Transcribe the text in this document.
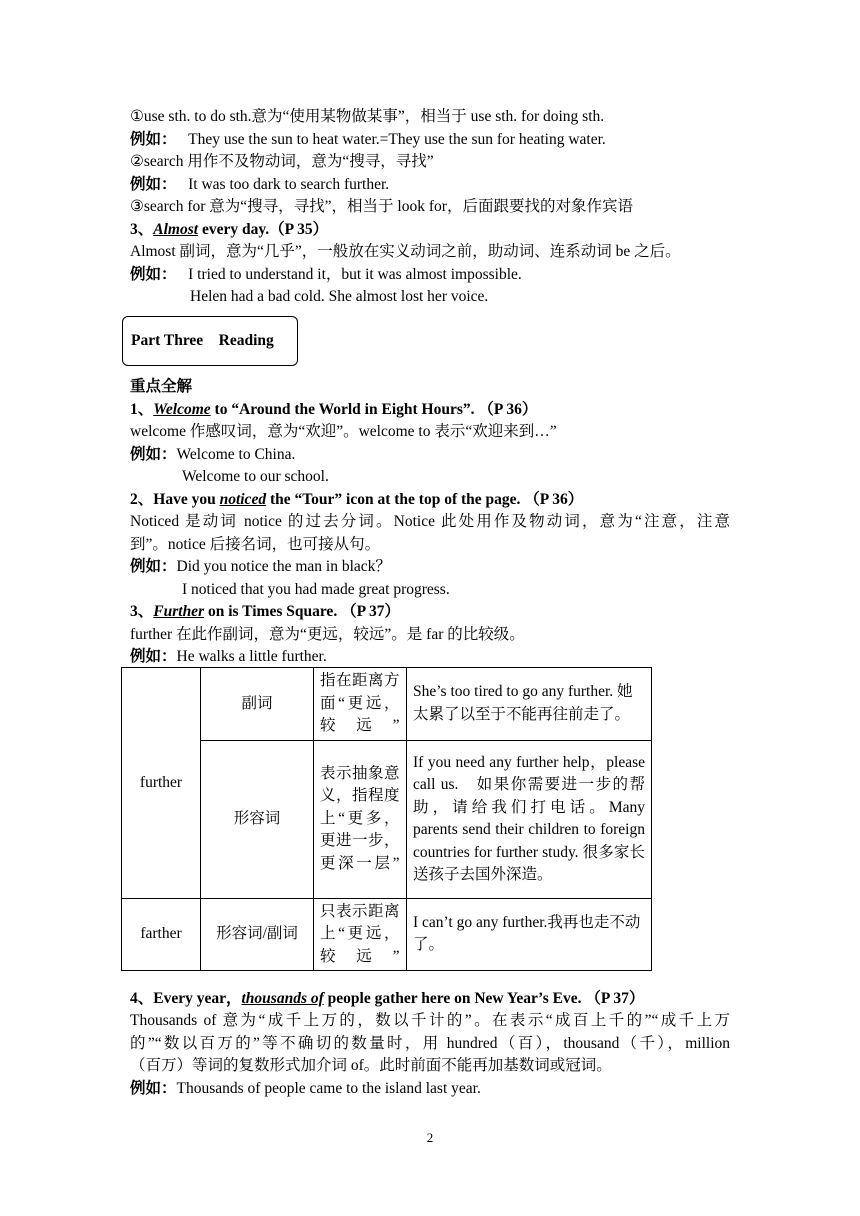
①use sth. to do sth.意为“使用某物做某事”，相当于 use sth. for doing sth.
例如： They use the sun to heat water.=They use the sun for heating water.
②search 用作不及物动词，意为“搜寻，寻找”
例如： It was too dark to search further.
③search for 意为“搜寻，寻找”，相当于 look for，后面跟要找的对象作宾语
3、Almost every day.（P 35）
Almost 副词，意为“几乎”，一般放在实义动词之前，助动词、连系动词 be 之后。
例如： I tried to understand it，but it was almost impossible.
Helen had a bad cold. She almost lost her voice.
Part Three    Reading
重点全解
1、Welcome to “Around the World in Eight Hours”. （P 36）
welcome 作感叹词，意为“欢迎”。welcome to 表示“欢迎来到…”
例如：Welcome to China.
Welcome to our school.
2、Have you noticed the “Tour” icon at the top of the page. （P 36）
Noticed 是动词 notice 的过去分词。Notice 此处用作及物动词，意为“注意，注意
到”。notice 后接名词，也可接从句。
例如：Did you notice the man in black？
I noticed that you had made great progress.
3、Further on is Times Square. （P 37）
further 在此作副词，意为“更远，较远”。是 far 的比较级。
例如：He walks a little further.
further	副词	指在距离方面“更远，较远”	She’s too tired to go any further. 她太累了以至于不能再往前走了。
	形容词	表示抽象意义，指程度上“更多，更进一步，更深一层”	If you need any further help，please call us.　如果你需要进一步的帮助，请给我们打电话。Many parents send their children to foreign countries for further study. 很多家长送孩子去国外深造。
farther	形容词/副词	只表示距离上“更远，较远”	I can’t go any further.我再也走不动了。
4、Every year，thousands of people gather here on New Year’s Eve. （P 37）
Thousands of 意为“成千上万的，数以千计的”。在表示“成百上千的”“成千上万
的”“数以百万的”等不确切的数量时，用 hundred（百），thousand（千），million
（百万）等词的复数形式加介词 of。此时前面不能再加基数词或冠词。
例如：Thousands of people came to the island last year.
2
